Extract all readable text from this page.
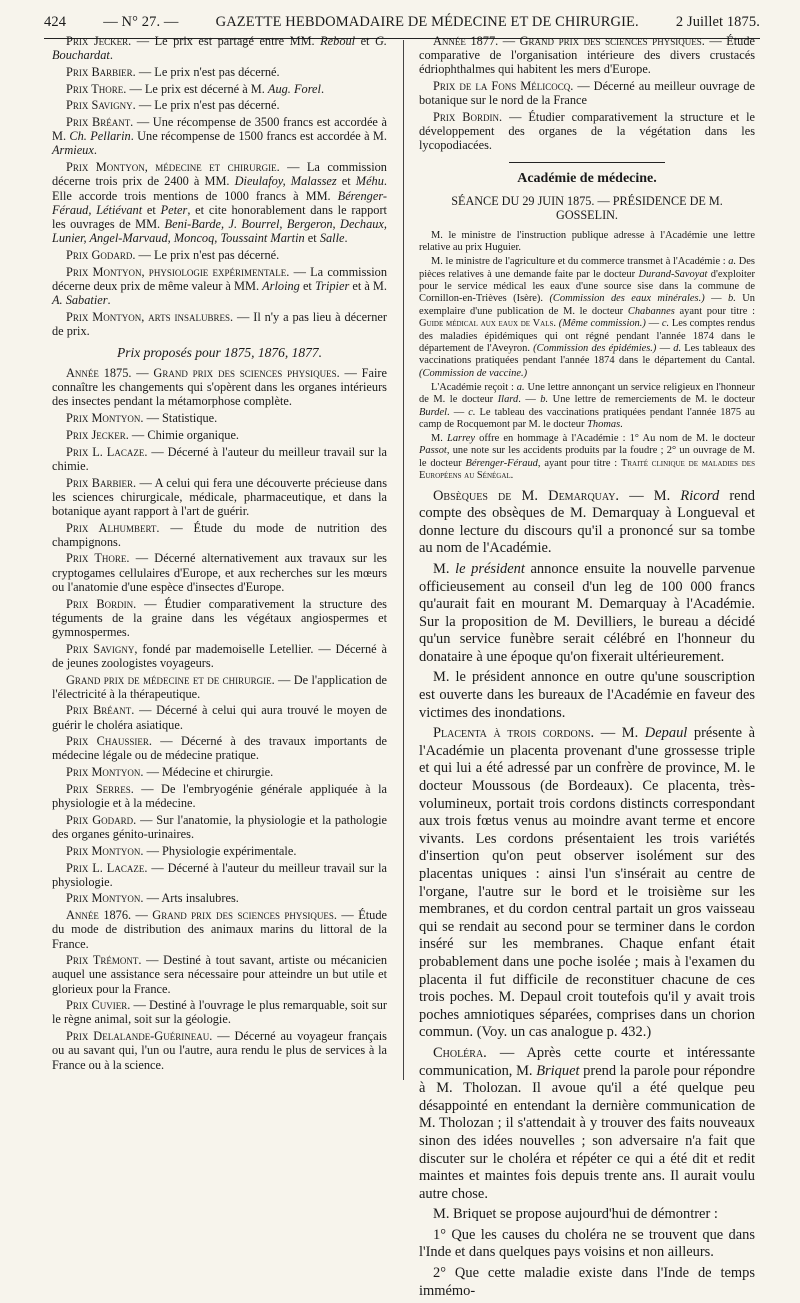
424	— N° 27. —	GAZETTE HEBDOMADAIRE DE MÉDECINE ET DE CHIRURGIE.	2 Juillet 1875.

Prix Jecker. — Le prix est partagé entre MM. Reboul et G. Bouchardat.

Prix Barbier. — Le prix n'est pas décerné.

Prix Thore. — Le prix est décerné à M. Aug. Forel.

Prix Savigny. — Le prix n'est pas décerné.

Prix Bréant. — Une récompense de 3500 francs est accordée à M. Ch. Pellarin. Une récompense de 1500 francs est accordée à M. Armieux.

Prix Montyon, médecine et chirurgie. — La commission décerne trois prix de 2400 à MM. Dieulafoy, Malassez et Méhu. Elle accorde trois mentions de 1000 francs à MM. Bérenger-Féraud, Létiévant et Peter, et cite honorablement dans le rapport les ouvrages de MM. Beni-Barde, J. Bourrel, Bergeron, Dechaux, Lunier, Angel-Marvaud, Moncoq, Toussaint Martin et Salle.

Prix Godard. — Le prix n'est pas décerné.

Prix Montyon, physiologie expérimentale. — La commission décerne deux prix de même valeur à MM. Arloing et Tripier et à M. A. Sabatier.

Prix Montyon, arts insalubres. — Il n'y a pas lieu à décerner de prix.

Prix proposés pour 1875, 1876, 1877.

Année 1875. — Grand prix des sciences physiques. — Faire connaître les changements qui s'opèrent dans les organes intérieurs des insectes pendant la métamorphose complète.

Prix Montyon. — Statistique.

Prix Jecker. — Chimie organique.

Prix L. Lacaze. — Décerné à l'auteur du meilleur travail sur la chimie.

Prix Barbier. — A celui qui fera une découverte précieuse dans les sciences chirurgicale, médicale, pharmaceutique, et dans la botanique ayant rapport à l'art de guérir.

Prix Alhumbert. — Étude du mode de nutrition des champignons.

Prix Thore. — Décerné alternativement aux travaux sur les cryptogames cellulaires d'Europe, et aux recherches sur les mœurs ou l'anatomie d'une espèce d'insectes d'Europe.

Prix Bordin. — Étudier comparativement la structure des téguments de la graine dans les végétaux angiospermes et gymnospermes.

Prix Savigny, fondé par mademoiselle Letellier. — Décerné à de jeunes zoologistes voyageurs.

Grand prix de médecine et de chirurgie. — De l'application de l'électricité à la thérapeutique.

Prix Bréant. — Décerné à celui qui aura trouvé le moyen de guérir le choléra asiatique.

Prix Chaussier. — Décerné à des travaux importants de médecine légale ou de médecine pratique.

Prix Montyon. — Médecine et chirurgie.

Prix Serres. — De l'embryogénie générale appliquée à la physiologie et à la médecine.

Prix Godard. — Sur l'anatomie, la physiologie et la pathologie des organes génito-urinaires.

Prix Montyon. — Physiologie expérimentale.

Prix L. Lacaze. — Décerné à l'auteur du meilleur travail sur la physiologie.

Prix Montyon. — Arts insalubres.

Année 1876. — Grand prix des sciences physiques. — Étude du mode de distribution des animaux marins du littoral de la France.

Prix Trémont. — Destiné à tout savant, artiste ou mécanicien auquel une assistance sera nécessaire pour atteindre un but utile et glorieux pour la France.

Prix Cuvier. — Destiné à l'ouvrage le plus remarquable, soit sur le règne animal, soit sur la géologie.

Prix Delalande-Guérineau. — Décerné au voyageur français ou au savant qui, l'un ou l'autre, aura rendu le plus de services à la France ou à la science.

Année 1877. — Grand prix des sciences physiques. — Étude comparative de l'organisation intérieure des divers crustacés édriophthalmes qui habitent les mers d'Europe.

Prix de la Fons Mélicocq. — Décerné au meilleur ouvrage de botanique sur le nord de la France

Prix Bordin. — Étudier comparativement la structure et le développement des organes de la végétation dans les lycopodiacées.

Académie de médecine.

SÉANCE DU 29 JUIN 1875. — PRÉSIDENCE DE M. GOSSELIN.

M. le ministre de l'instruction publique adresse à l'Académie une lettre relative au prix Huguier.

M. le ministre de l'agriculture et du commerce transmet à l'Académie : a. Des pièces relatives à une demande faite par le docteur Durand-Savoyat d'exploiter pour le service médical les eaux d'une source sise dans la commune de Cornillon-en-Trièves (Isère). (Commission des eaux minérales.) — b. Un exemplaire d'une publication de M. le docteur Chabannes ayant pour titre : Guide médical aux eaux de Vals. (Même commission.) — c. Les comptes rendus des maladies épidémiques qui ont régné pendant l'année 1874 dans le département de l'Aveyron. (Commission des épidémies.) — d. Les tableaux des vaccinations pratiquées pendant l'année 1874 dans le département du Cantal. (Commission de vaccine.)

L'Académie reçoit : a. Une lettre annonçant un service religieux en l'honneur de M. le docteur Ilard. — b. Une lettre de remerciements de M. le docteur Burdel. — c. Le tableau des vaccinations pratiquées pendant l'année 1875 au camp de Rocquemont par M. le docteur Thomas.

M. Larrey offre en hommage à l'Académie : 1° Au nom de M. le docteur Passot, une note sur les accidents produits par la foudre ; 2° un ouvrage de M. le docteur Bérenger-Féraud, ayant pour titre : Traité clinique de maladies des Européens au Sénégal.

Obsèques de M. Demarquay. — M. Ricord rend compte des obsèques de M. Demarquay à Longueval et donne lecture du discours qu'il a prononcé sur sa tombe au nom de l'Académie.

M. le président annonce ensuite la nouvelle parvenue officieusement au conseil d'un leg de 100 000 francs qu'aurait fait en mourant M. Demarquay à l'Académie. Sur la proposition de M. Devilliers, le bureau a décidé qu'un service funèbre serait célébré en l'honneur du donataire à une époque qu'on fixerait ultérieurement.

M. le président annonce en outre qu'une souscription est ouverte dans les bureaux de l'Académie en faveur des victimes des inondations.

Placenta à trois cordons. — M. Depaul présente à l'Académie un placenta provenant d'une grossesse triple et qui lui a été adressé par un confrère de province, M. le docteur Moussous (de Bordeaux). Ce placenta, très-volumineux, portait trois cordons distincts correspondant aux trois fœtus venus au moindre avant terme et encore vivants. Les cordons présentaient les trois variétés d'insertion qu'on peut observer isolément sur des placentas uniques : ainsi l'un s'insérait au centre de l'organe, l'autre sur le bord et le troisième sur les membranes, et du cordon central partait un gros vaisseau qui se rendait au second pour se terminer dans le cordon inséré sur les membranes. Chaque enfant était probablement dans une poche isolée ; mais à l'examen du placenta il fut difficile de reconstituer chacune de ces trois poches. M. Depaul croit toutefois qu'il y avait trois poches amniotiques séparées, comprises dans un chorion commun. (Voy. un cas analogue p. 432.)

Choléra. — Après cette courte et intéressante communication, M. Briquet prend la parole pour répondre à M. Tholozan. Il avoue qu'il a été quelque peu désappointé en entendant la dernière communication de M. Tholozan ; il s'attendait à y trouver des faits nouveaux sinon des idées nouvelles ; son adversaire n'a fait que discuter sur le choléra et répéter ce qui a été dit et redit maintes et maintes fois depuis trente ans. Il aurait voulu autre chose.

M. Briquet se propose aujourd'hui de démontrer :

1° Que les causes du choléra ne se trouvent que dans l'Inde et dans quelques pays voisins et non ailleurs.

2° Que cette maladie existe dans l'Inde de temps immémo-
